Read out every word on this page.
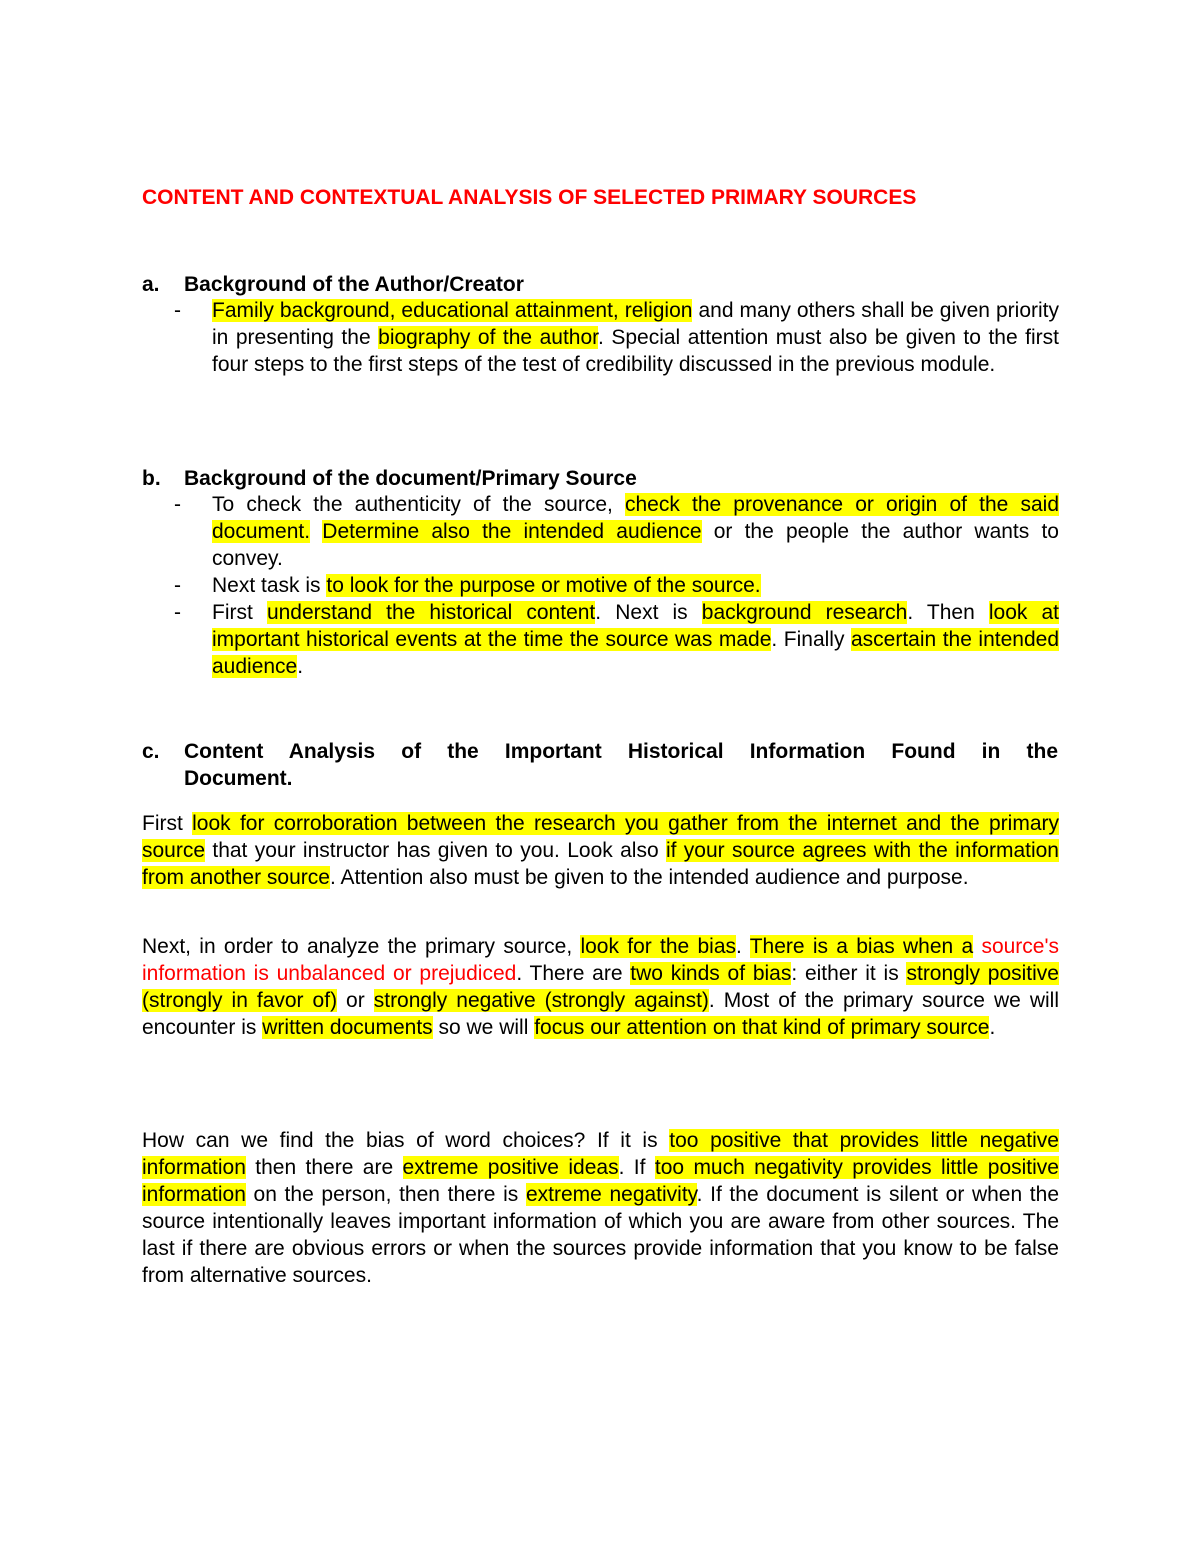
CONTENT AND CONTEXTUAL ANALYSIS OF SELECTED PRIMARY SOURCES
a. Background of the Author/Creator
- Family background, educational attainment, religion and many others shall be given priority in presenting the biography of the author. Special attention must also be given to the first four steps to the first steps of the test of credibility discussed in the previous module.
b. Background of the document/Primary Source
- To check the authenticity of the source, check the provenance or origin of the said document. Determine also the intended audience or the people the author wants to convey.
- Next task is to look for the purpose or motive of the source.
- First understand the historical content. Next is background research. Then look at important historical events at the time the source was made. Finally ascertain the intended audience.
c. Content Analysis of the Important Historical Information Found in the
Document.
First look for corroboration between the research you gather from the internet and the primary source that your instructor has given to you. Look also if your source agrees with the information from another source. Attention also must be given to the intended audience and purpose.
Next, in order to analyze the primary source, look for the bias. There is a bias when a source's information is unbalanced or prejudiced. There are two kinds of bias: either it is strongly positive (strongly in favor of) or strongly negative (strongly against). Most of the primary source we will encounter is written documents so we will focus our attention on that kind of primary source.
How can we find the bias of word choices? If it is too positive that provides little negative information then there are extreme positive ideas. If too much negativity provides little positive information on the person, then there is extreme negativity. If the document is silent or when the source intentionally leaves important information of which you are aware from other sources. The last if there are obvious errors or when the sources provide information that you know to be false from alternative sources.
